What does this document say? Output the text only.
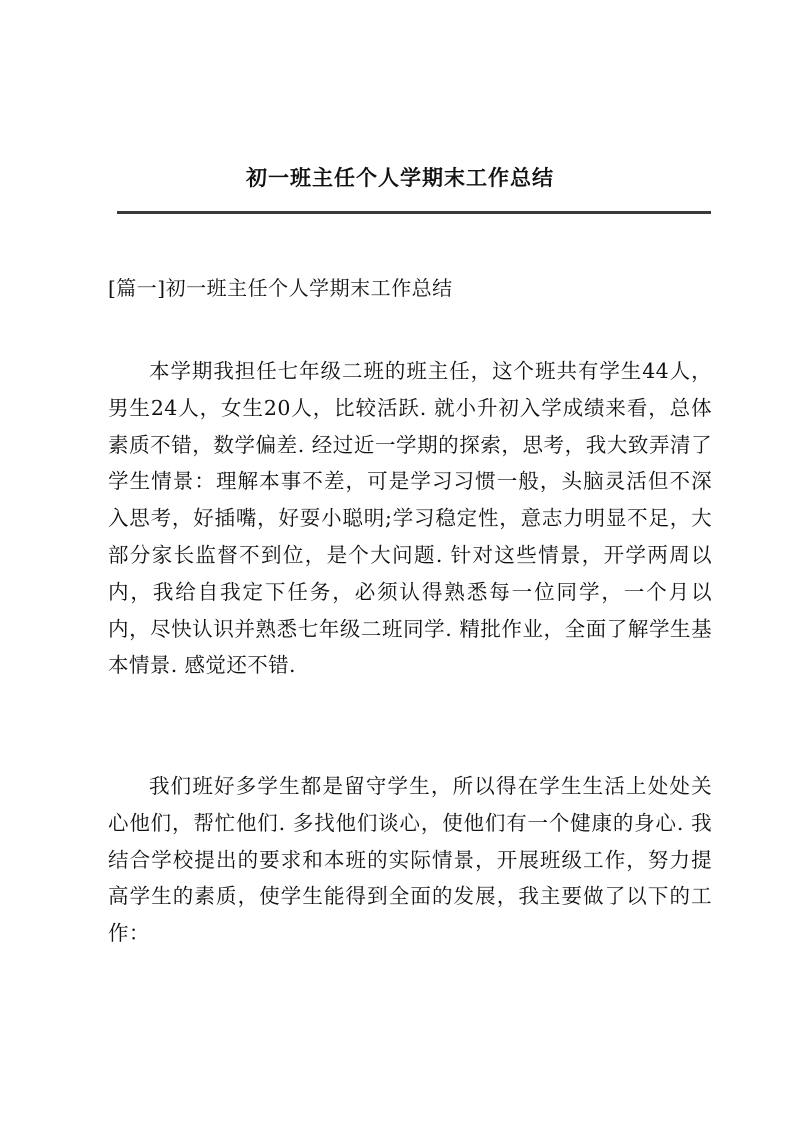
初一班主任个人学期末工作总结
[篇一]初一班主任个人学期末工作总结

本学期我担任七年级二班的班主任，这个班共有学生44人，男生24人，女生20人，比较活跃. 就小升初入学成绩来看，总体素质不错，数学偏差. 经过近一学期的探索，思考，我大致弄清了学生情景：理解本事不差，可是学习习惯一般，头脑灵活但不深入思考，好插嘴，好耍小聪明;学习稳定性，意志力明显不足，大部分家长监督不到位，是个大问题. 针对这些情景，开学两周以内，我给自我定下任务，必须认得熟悉每一位同学，一个月以内，尽快认识并熟悉七年级二班同学. 精批作业，全面了解学生基本情景. 感觉还不错.

我们班好多学生都是留守学生，所以得在学生生活上处处关心他们，帮忙他们. 多找他们谈心，使他们有一个健康的身心. 我结合学校提出的要求和本班的实际情景，开展班级工作，努力提高学生的素质，使学生能得到全面的发展，我主要做了以下的工作：
